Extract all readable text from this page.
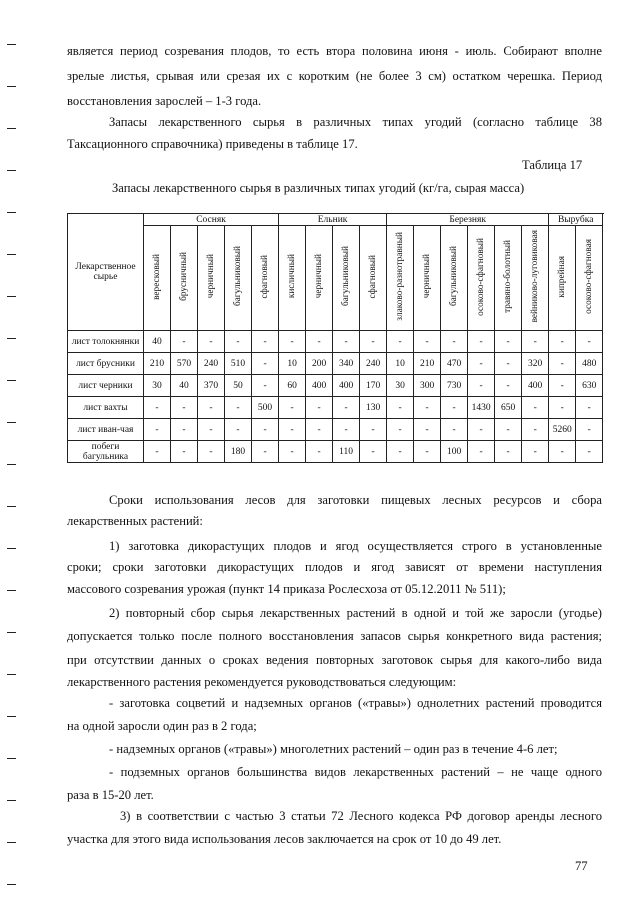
является период созревания плодов, то есть втора половина июня - июль. Собирают вполне

зрелые листья, срывая или срезая их с коротким (не более 3 см) остатком черешка. Период

восстановления зарослей – 1-3 года.

Запасы лекарственного сырья в различных типах угодий (согласно таблице 38

Таксационного справочника) приведены в таблице 17.

Таблица 17

Запасы лекарственного сырья в различных типах угодий (кг/га, сырая масса)

Лекарственное сырье	Сосняк					Ельник				Березняк						Вырубка	
	вересковый	брусничный	черничный	багульниковый	сфагновый	кисличный	черничный	багульниковый	сфагновый	злаково-разнотравный	черничный	багульниковый	осоково-сфагновый	травяно-болотный	вейниково-луговиковая	кипрейная	осоково-сфагновая
лист толокнянки	40	-	-	-	-	-	-	-	-	-	-	-	-	-	-	-	-
лист брусники	210	570	240	510	-	10	200	340	240	10	210	470	-	-	320	-	480
лист черники	30	40	370	50	-	60	400	400	170	30	300	730	-	-	400	-	630
лист вахты	-	-	-	-	500	-	-	-	130	-	-	-	1430	650	-	-	-
лист иван-чая	-	-	-	-	-	-	-	-	-	-	-	-	-	-	-	5260	-
побеги багульника	-	-	-	180	-	-	-	110	-	-	-	100	-	-	-	-	-

Сроки использования лесов для заготовки пищевых лесных ресурсов и сбора

лекарственных растений:

1) заготовка дикорастущих плодов и ягод осуществляется строго в установленные

сроки; сроки заготовки дикорастущих плодов и ягод зависят от времени наступления

массового созревания урожая (пункт 14 приказа Рослесхоза от 05.12.2011 № 511);

2) повторный сбор сырья лекарственных растений в одной и той же заросли (угодье)

допускается только после полного восстановления запасов сырья конкретного вида растения;

при отсутствии данных о сроках ведения повторных заготовок сырья для какого-либо вида

лекарственного растения рекомендуется руководствоваться следующим:

- заготовка соцветий и надземных органов («травы») однолетних растений проводится

на одной заросли один раз в 2 года;

- надземных органов («травы») многолетних растений – один раз в течение 4-6 лет;

- подземных органов большинства видов лекарственных растений – не чаще одного

раза в 15-20 лет.

3) в соответствии с частью 3 статьи 72 Лесного кодекса РФ договор аренды лесного

участка для этого вида использования лесов заключается на срок от 10 до 49 лет.

77
